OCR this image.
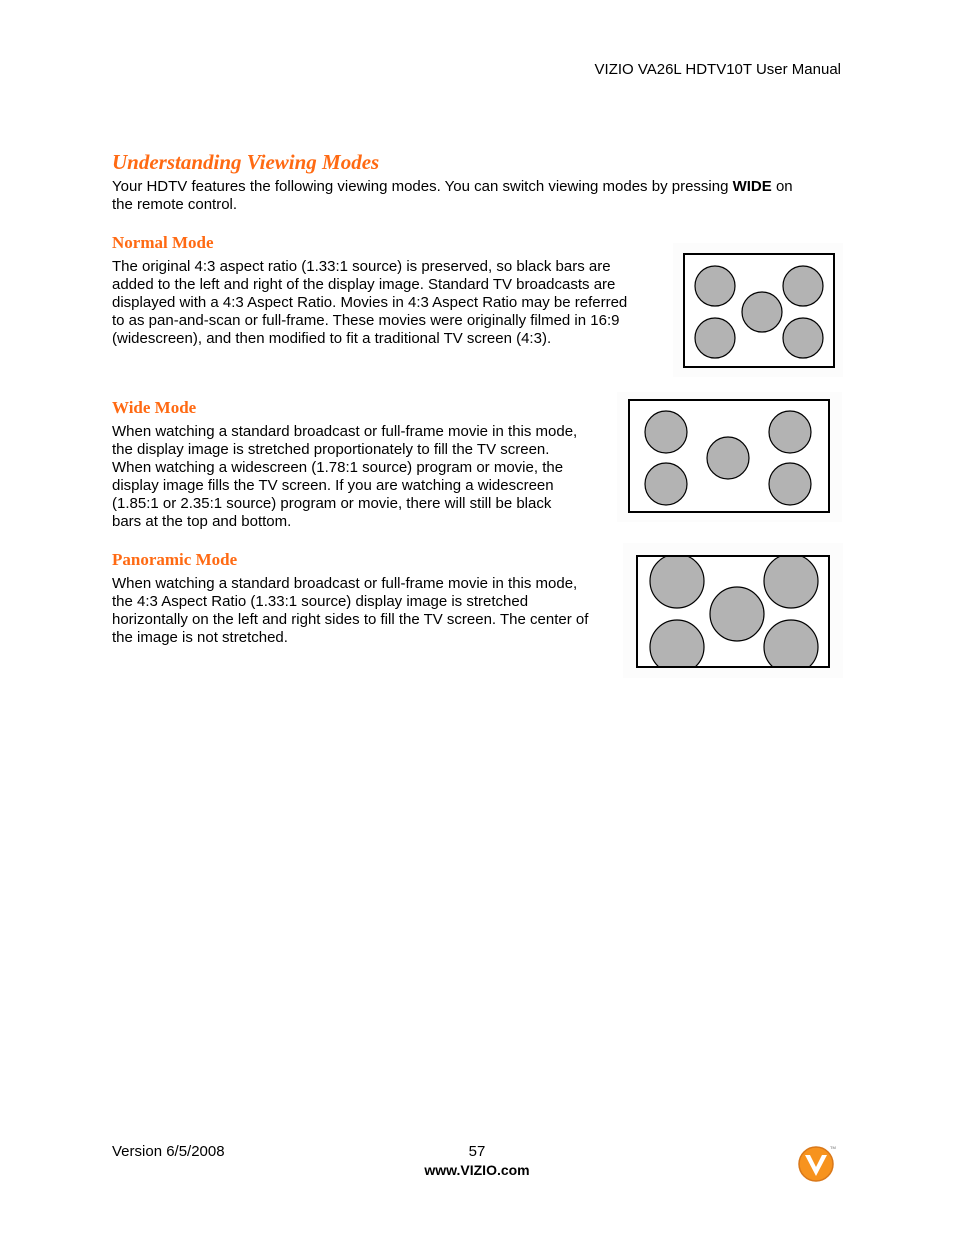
VIZIO VA26L HDTV10T User Manual
Understanding Viewing Modes
Your HDTV features the following viewing modes. You can switch viewing modes by pressing WIDE on
the remote control.
Normal Mode
The original 4:3 aspect ratio (1.33:1 source) is preserved, so black bars are
added to the left and right of the display image. Standard TV broadcasts are
displayed with a 4:3 Aspect Ratio. Movies in 4:3 Aspect Ratio may be referred
to as pan-and-scan or full-frame. These movies were originally filmed in 16:9
(widescreen), and then modified to fit a traditional TV screen (4:3).
Wide Mode
When watching a standard broadcast or full-frame movie in this mode,
the display image is stretched proportionately to fill the TV screen.
When watching a widescreen (1.78:1 source) program or movie, the
display image fills the TV screen. If you are watching a widescreen
(1.85:1 or 2.35:1 source) program or movie, there will still be black
bars at the top and bottom.
Panoramic Mode
When watching a standard broadcast or full-frame movie in this mode,
the 4:3 Aspect Ratio (1.33:1 source) display image is stretched
horizontally on the left and right sides to fill the TV screen. The center of
the image is not stretched.
Version 6/5/2008	57
www.VIZIO.com
TM
